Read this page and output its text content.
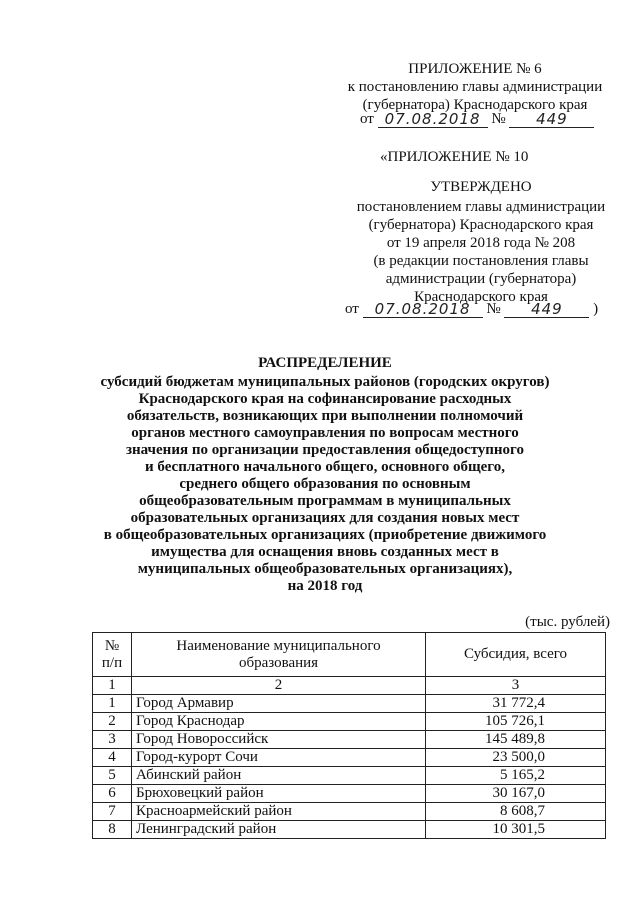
ПРИЛОЖЕНИЕ № 6
к постановлению главы администрации
(губернатора) Краснодарского края
от 07.08.2018 № 449
«ПРИЛОЖЕНИЕ № 10
УТВЕРЖДЕНО
постановлением главы администрации
(губернатора) Краснодарского края
от 19 апреля 2018 года № 208
(в редакции постановления главы
администрации (губернатора)
Краснодарского края
от 07.08.2018 № 449 )
РАСПРЕДЕЛЕНИЕ
субсидий бюджетам муниципальных районов (городских округов)
Краснодарского края на софинансирование расходных
обязательств, возникающих при выполнении полномочий
органов местного самоуправления по вопросам местного
значения по организации предоставления общедоступного
и бесплатного начального общего, основного общего,
среднего общего образования по основным
общеобразовательным программам в муниципальных
образовательных организациях для создания новых мест
в общеобразовательных организациях (приобретение движимого
имущества для оснащения вновь созданных мест в
муниципальных общеобразовательных организациях),
на 2018 год
(тыс. рублей)
№ п/п	Наименование муниципального образования	Субсидия, всего
1	2	3
1	Город Армавир	31 772,4
2	Город Краснодар	105 726,1
3	Город Новороссийск	145 489,8
4	Город-курорт Сочи	23 500,0
5	Абинский район	5 165,2
6	Брюховецкий район	30 167,0
7	Красноармейский район	8 608,7
8	Ленинградский район	10 301,5
